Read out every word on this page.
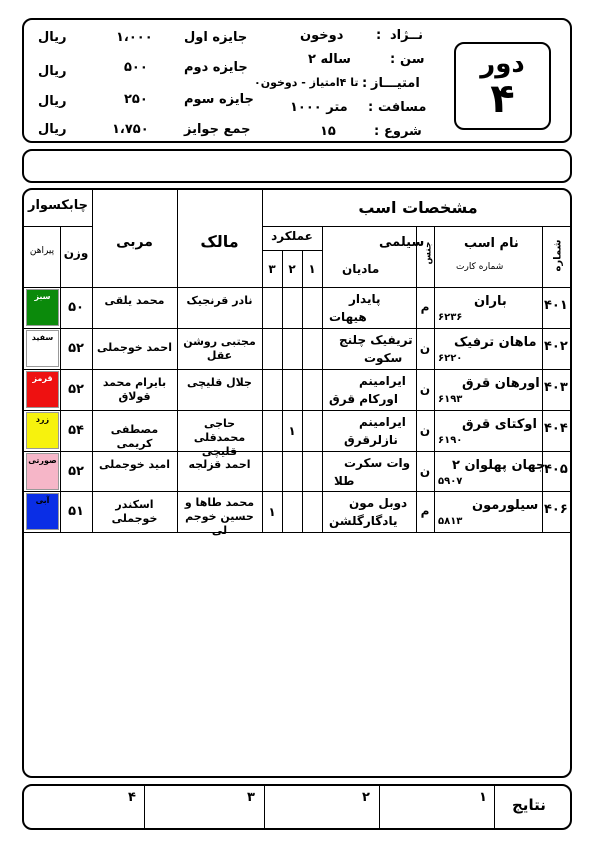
دور
۴
نــژاد
:
دوخون
سن
:
۲ ساله
امتیـــاز
:
۰تا ۴امتیاز - دوخون
مسافت
:
۱۰۰۰ متر
شروع
:
۱۵
جایزه اول
۱،۰۰۰
ریال
جایزه دوم
۵۰۰
ریال
جایزه سوم
۲۵۰
ریال
جمع جوایز
۱،۷۵۰
ریال
مشخصات اسب
چابکسوار
مالک
مربی
وزن
پیراهن
عملکرد
۱
۲
۳
سیلمی
مادیان
جنس نام اسب
شماره کارت	شماره
۴۰۱
باران
۶۲۳۶
م
پایدار
هیهات
نادر قرنجیک
محمد یلقی
۵۰
سبز
۴۰۲
ماهان ترفیک
۶۲۲۰
ن
تریفیک چلنج
سکوت
مجتبی روشن عقل
احمد خوجملی
۵۲
سفید
۴۰۳
اورهان قرق
۶۱۹۳
ن
ایرامینم
اورکام قرق
جلال قلیچی
بایرام محمد قولاق
۵۲
قرمز
۴۰۴
اوکتای قرق
۶۱۹۰
ن
ایرامینم
نازلرقرق
۱
حاجی محمدقلی قلیچی
مصطفی کریمی
۵۴
زرد
۴۰۵
جهان پهلوان ۲
۵۹۰۷
ن
وات سکرت
طلا
احمد قزلجه
امید خوجملی
۵۲
صورتی
۴۰۶
سیلورمون
۵۸۱۳
م
دوبل مون
یادگارگلشن
۱
محمد طاها و حسین خوجم لی
اسکندر خوجملی
۵۱
آبی
نتایج
۱
۲
۳
۴
